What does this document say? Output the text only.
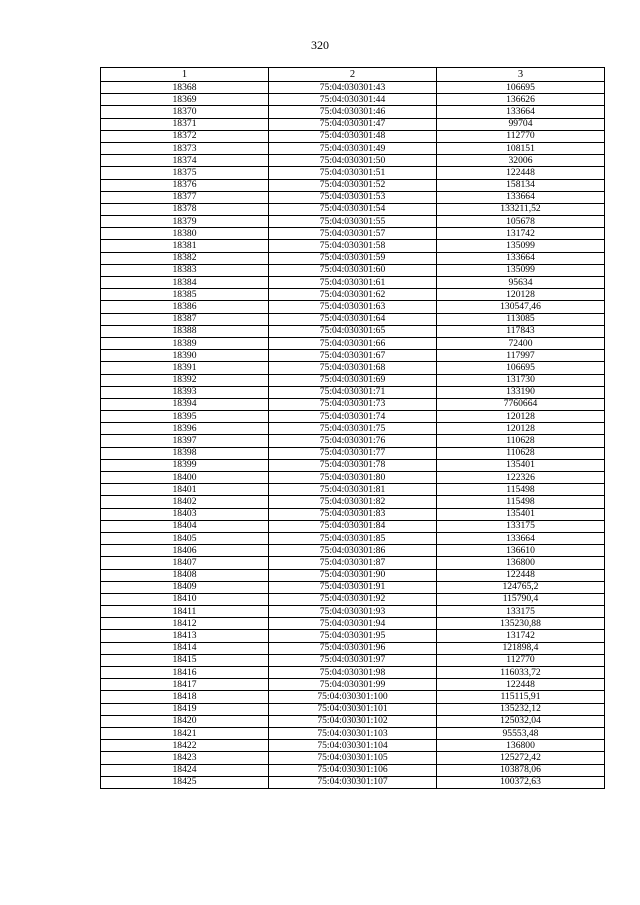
320
1	2	3
18368	75:04:030301:43	106695
18369	75:04:030301:44	136626
18370	75:04:030301:46	133664
18371	75:04:030301:47	99704
18372	75:04:030301:48	112770
18373	75:04:030301:49	108151
18374	75:04:030301:50	32006
18375	75:04:030301:51	122448
18376	75:04:030301:52	158134
18377	75:04:030301:53	133664
18378	75:04:030301:54	133211,52
18379	75:04:030301:55	105678
18380	75:04:030301:57	131742
18381	75:04:030301:58	135099
18382	75:04:030301:59	133664
18383	75:04:030301:60	135099
18384	75:04:030301:61	95634
18385	75:04:030301:62	120128
18386	75:04:030301:63	130547,46
18387	75:04:030301:64	113085
18388	75:04:030301:65	117843
18389	75:04:030301:66	72400
18390	75:04:030301:67	117997
18391	75:04:030301:68	106695
18392	75:04:030301:69	131730
18393	75:04:030301:71	133190
18394	75:04:030301:73	7760664
18395	75:04:030301:74	120128
18396	75:04:030301:75	120128
18397	75:04:030301:76	110628
18398	75:04:030301:77	110628
18399	75:04:030301:78	135401
18400	75:04:030301:80	122326
18401	75:04:030301:81	115498
18402	75:04:030301:82	115498
18403	75:04:030301:83	135401
18404	75:04:030301:84	133175
18405	75:04:030301:85	133664
18406	75:04:030301:86	136610
18407	75:04:030301:87	136800
18408	75:04:030301:90	122448
18409	75:04:030301:91	124765,2
18410	75:04:030301:92	115790,4
18411	75:04:030301:93	133175
18412	75:04:030301:94	135230,88
18413	75:04:030301:95	131742
18414	75:04:030301:96	121898,4
18415	75:04:030301:97	112770
18416	75:04:030301:98	116033,72
18417	75:04:030301:99	122448
18418	75:04:030301:100	115115,91
18419	75:04:030301:101	135232,12
18420	75:04:030301:102	125032,04
18421	75:04:030301:103	95553,48
18422	75:04:030301:104	136800
18423	75:04:030301:105	125272,42
18424	75:04:030301:106	103878,06
18425	75:04:030301:107	100372,63
